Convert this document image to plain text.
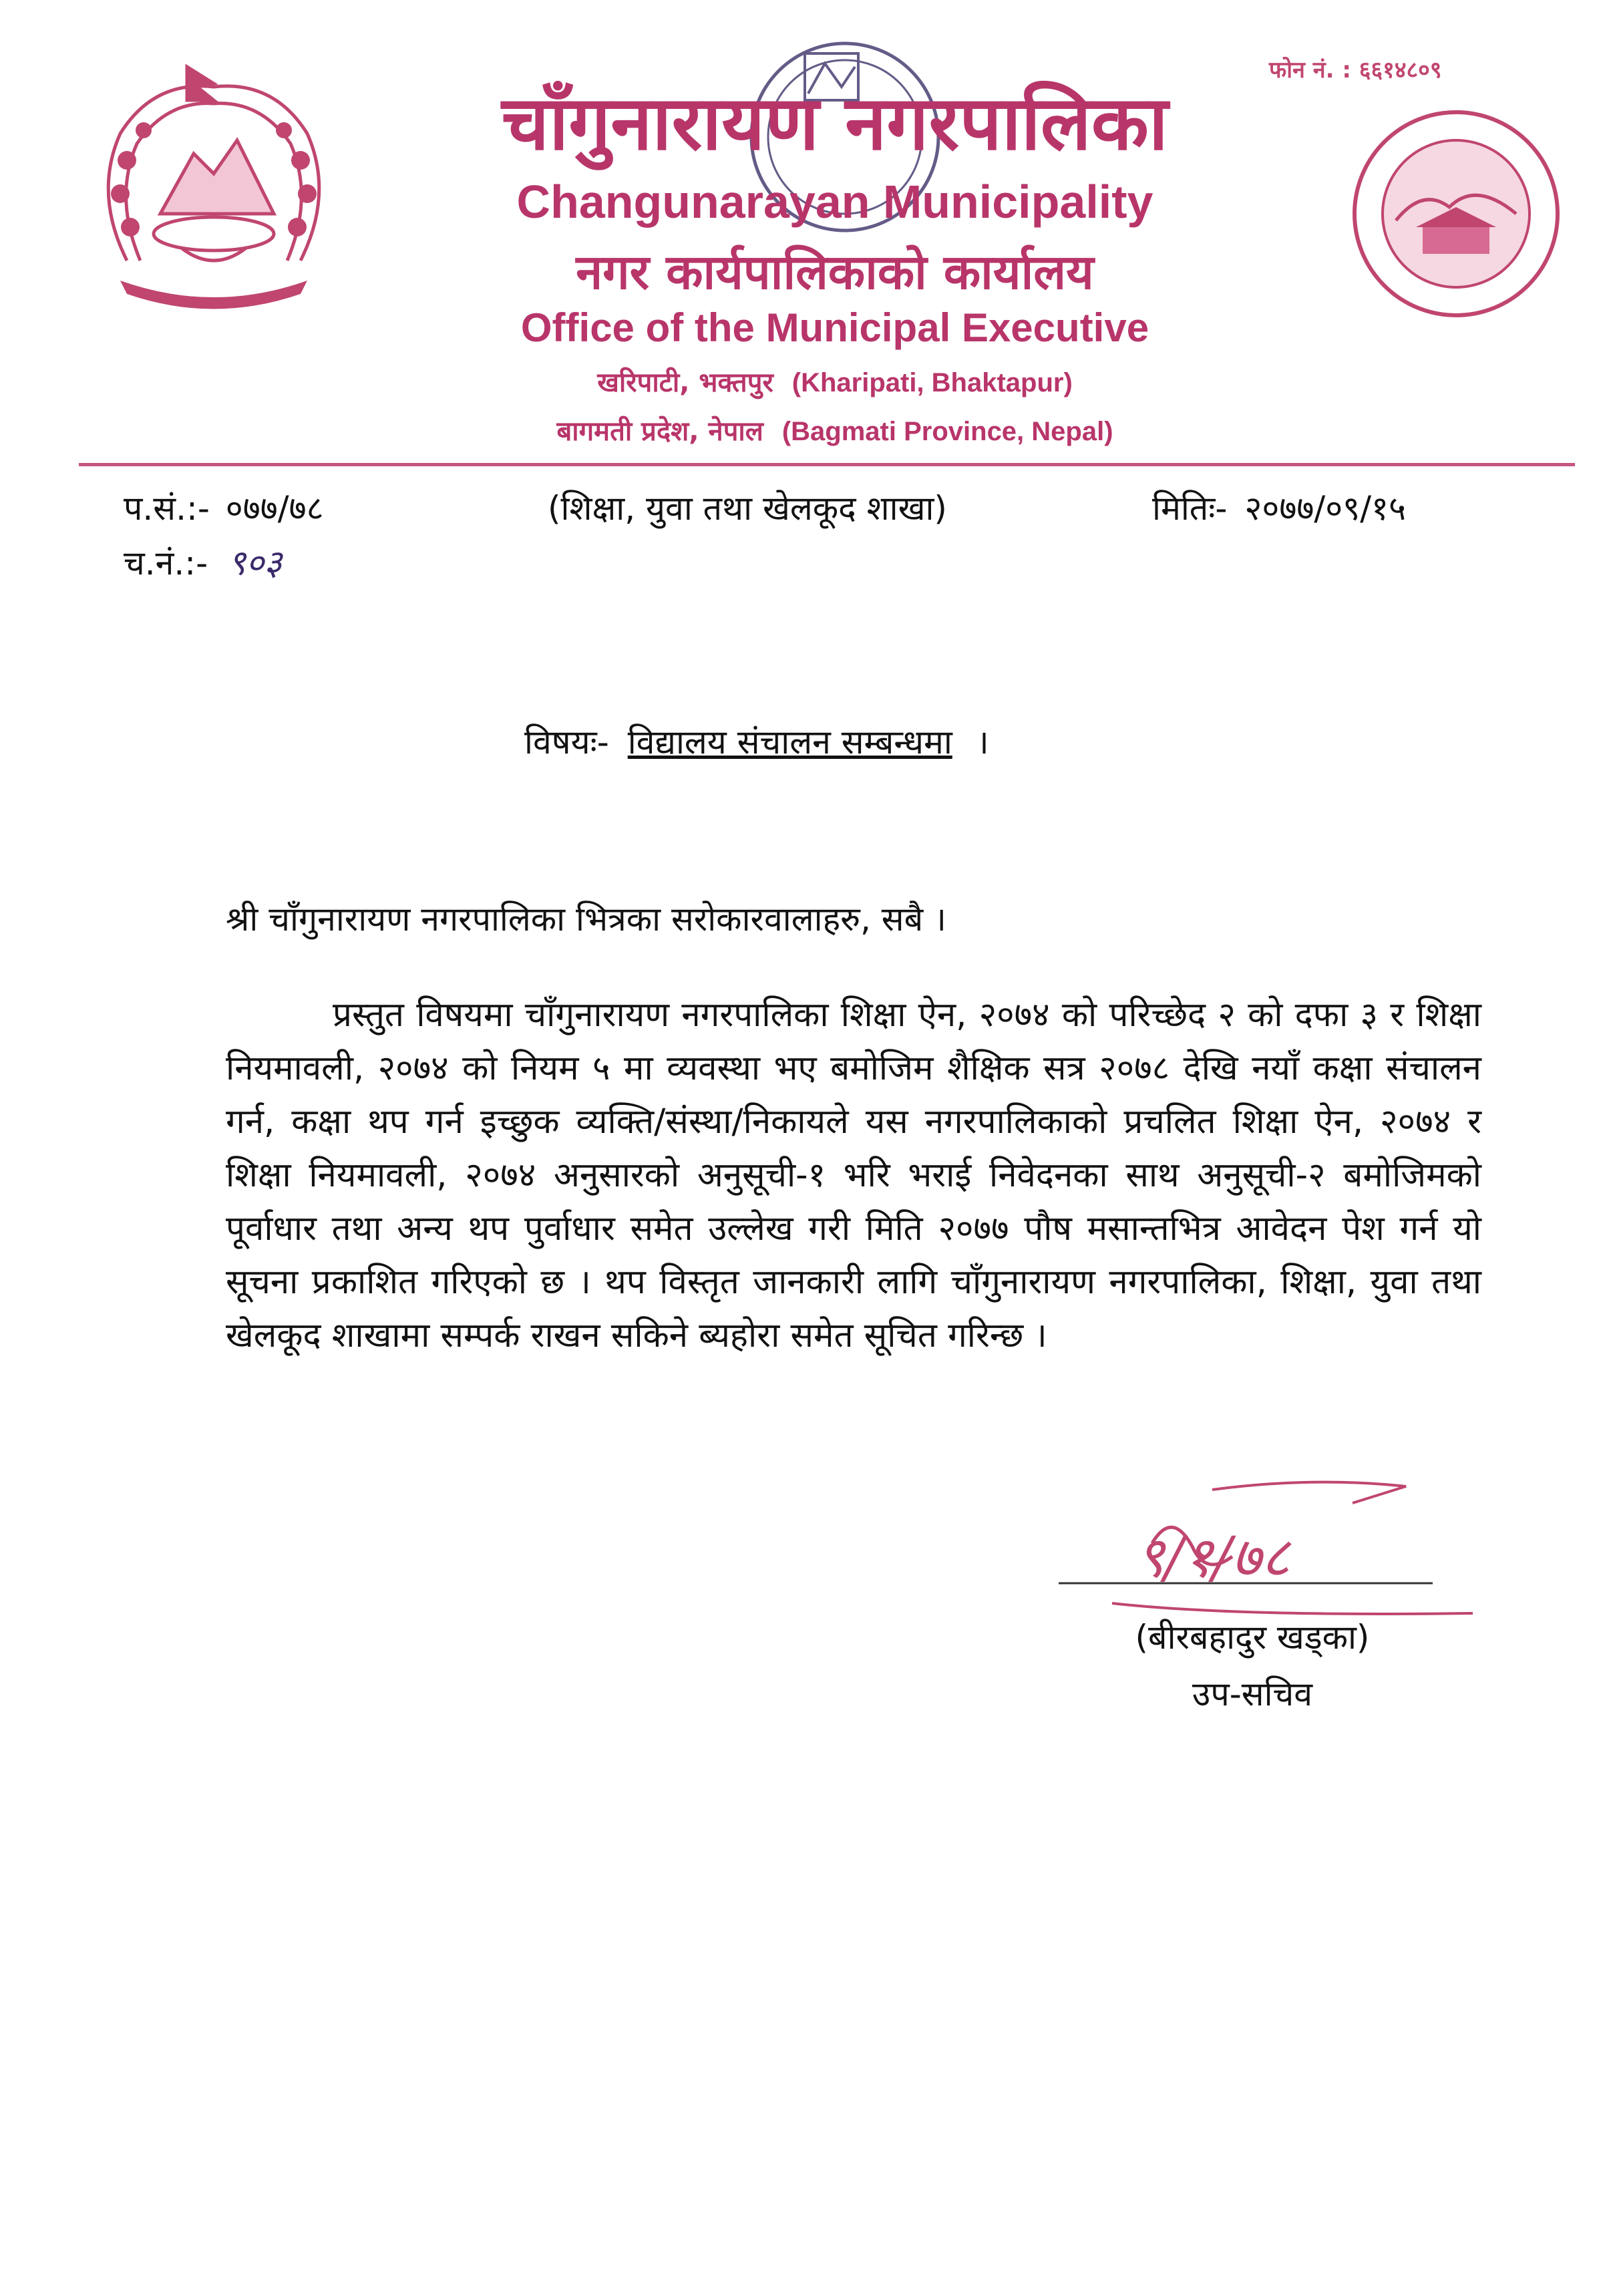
जननी जन्मभूमिश्च स्वर्गादपि गरीयसी
चाँगुनारायण नगरपालिका
Changunarayan Municipality
नगर कार्यपालिकाको कार्यालय
Office of the Municipal Executive
खरिपाटी, भक्तपुर (Kharipati, Bhaktapur)
बागमती प्रदेश, नेपाल (Bagmati Province, Nepal)
फोन नं. : ६६१४८०९
प.सं.:- ०७७/७८
च.नं.:- ९०३
(शिक्षा, युवा तथा खेलकूद शाखा)	मितिः- २०७७/०९/१५
विषयः- विद्यालय संचालन सम्बन्धमा ।
श्री चाँगुनारायण नगरपालिका भित्रका सरोकारवालाहरु, सबै ।
प्रस्तुत विषयमा चाँगुनारायण नगरपालिका शिक्षा ऐन, २०७४ को परिच्छेद २ को दफा ३ र शिक्षा नियमावली, २०७४ को नियम ५ मा व्यवस्था भए बमोजिम शैक्षिक सत्र २०७८ देखि नयाँ कक्षा संचालन गर्न, कक्षा थप गर्न इच्छुक व्यक्ति/संस्था/निकायले यस नगरपालिकाको प्रचलित शिक्षा ऐन, २०७४ र शिक्षा नियमावली, २०७४ अनुसारको अनुसूची-१ भरि भराई निवेदनका साथ अनुसूची-२ बमोजिमको पूर्वाधार तथा अन्य थप पुर्वाधार समेत उल्लेख गरी मिति २०७७ पौष मसान्तभित्र आवेदन पेश गर्न यो सूचना प्रकाशित गरिएको छ । थप विस्तृत जानकारी लागि चाँगुनारायण नगरपालिका, शिक्षा, युवा तथा खेलकूद शाखामा सम्पर्क राखन सकिने ब्यहोरा समेत सूचित गरिन्छ ।
९/१/७८
(बीरबहादुर खड्का)
उप-सचिव
